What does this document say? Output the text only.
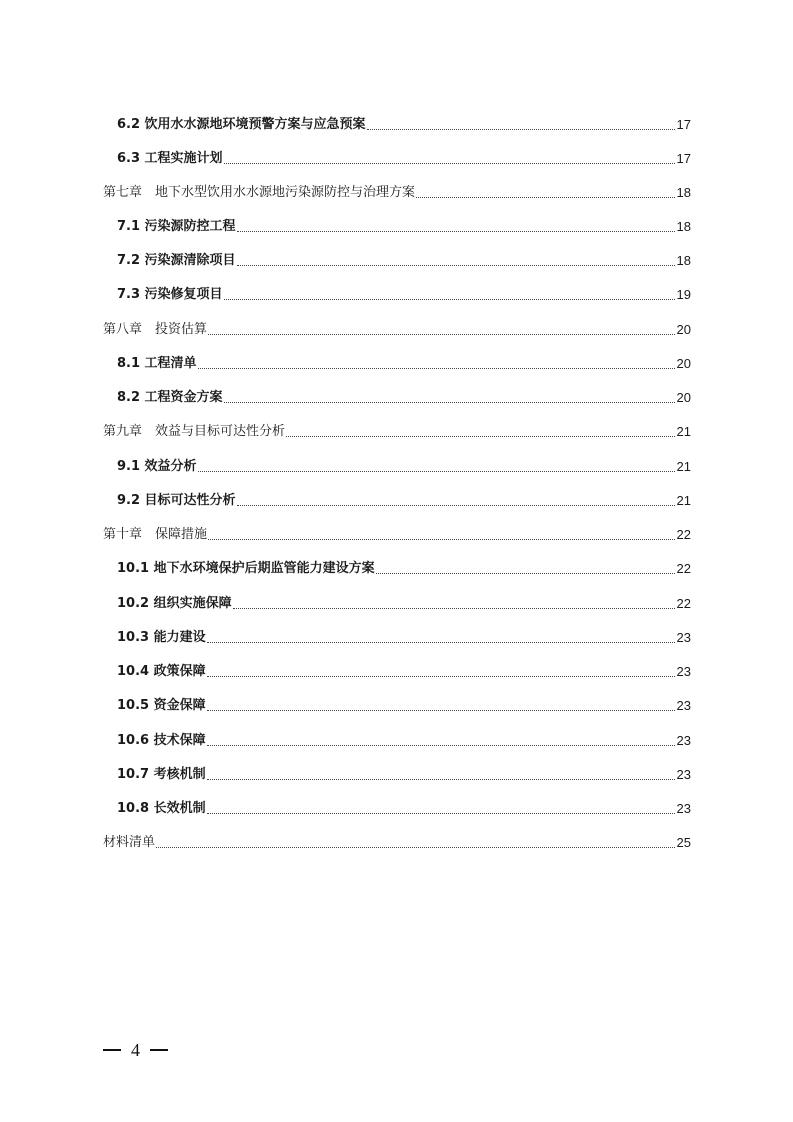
6.2 饮用水水源地环境预警方案与应急预案	17
6.3 工程实施计划	17
第七章　地下水型饮用水水源地污染源防控与治理方案	18
7.1 污染源防控工程	18
7.2 污染源清除项目	18
7.3 污染修复项目	19
第八章　投资估算	20
8.1 工程清单	20
8.2 工程资金方案	20
第九章　效益与目标可达性分析	21
9.1 效益分析	21
9.2 目标可达性分析	21
第十章　保障措施	22
10.1 地下水环境保护后期监管能力建设方案	22
10.2 组织实施保障	22
10.3 能力建设	23
10.4 政策保障	23
10.5 资金保障	23
10.6 技术保障	23
10.7 考核机制	23
10.8 长效机制	23
材料清单	25
4
